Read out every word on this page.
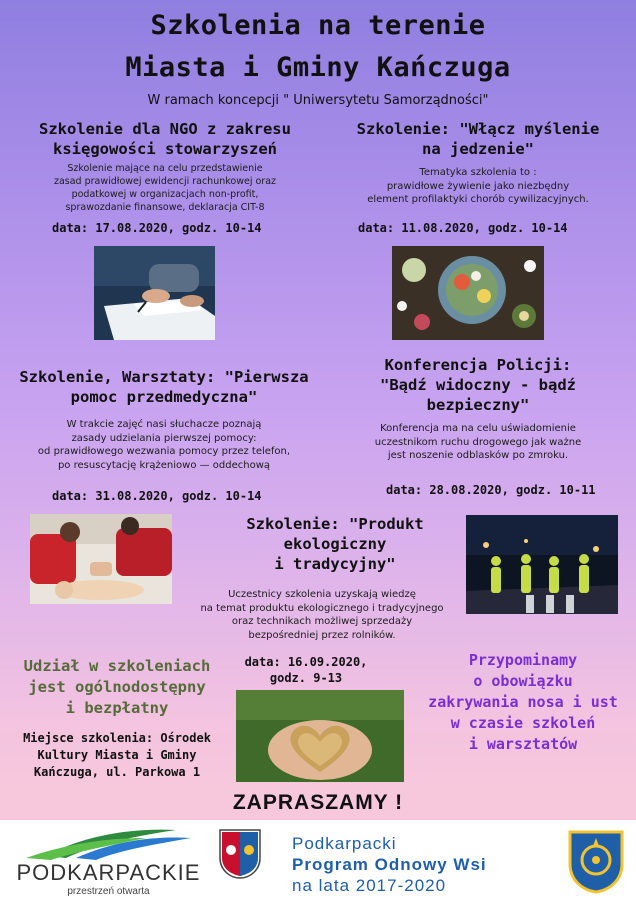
Szkolenia na terenie
Miasta i Gminy Kańczuga
W ramach koncepcji " Uniwersytetu Samorządności"
Szkolenie dla NGO z zakresu
księgowości stowarzyszeń
Szkolenie mające na celu przedstawienie
zasad prawidłowej ewidencji rachunkowej oraz
podatkowej w organizacjach non-profit,
sprawozdanie finansowe, deklaracja CIT-8
data: 17.08.2020, godz. 10-14
Szkolenie: "Włącz myślenie
na jedzenie"
Tematyka szkolenia to :
prawidłowe żywienie jako niezbędny
element profilaktyki chorób cywilizacyjnych.
data: 11.08.2020, godz. 10-14
Szkolenie, Warsztaty: "Pierwsza
pomoc przedmedyczna"
W trakcie zajęć nasi słuchacze poznają
zasady udzielania pierwszej pomocy:
od prawidłowego wezwania pomocy przez telefon,
po resuscytację krążeniowo — oddechową
data: 31.08.2020, godz. 10-14
Konferencja Policji:
"Bądź widoczny - bądź
bezpieczny"
Konferencja ma na celu uświadomienie
uczestnikom ruchu drogowego jak ważne
jest noszenie odblasków po zmroku.
data: 28.08.2020, godz. 10-11
Szkolenie: "Produkt
ekologiczny
i tradycyjny"
Uczestnicy szkolenia uzyskają wiedzę
na temat produktu ekologicznego i tradycyjnego
oraz technikach możliwej sprzedaży
bezpośredniej przez rolników.
data: 16.09.2020,
godz. 9-13
Udział w szkoleniach
jest ogólnodostępny
i bezpłatny
Miejsce szkolenia: Ośrodek
Kultury Miasta i Gminy
Kańczuga, ul. Parkowa 1
Przypominamy
o obowiązku
zakrywania nosa i ust
w czasie szkoleń
i warsztatów
ZAPRASZAMY !
PODKARPACKIE
przestrzeń otwarta
Podkarpacki
Program Odnowy Wsi
na lata 2017-2020
